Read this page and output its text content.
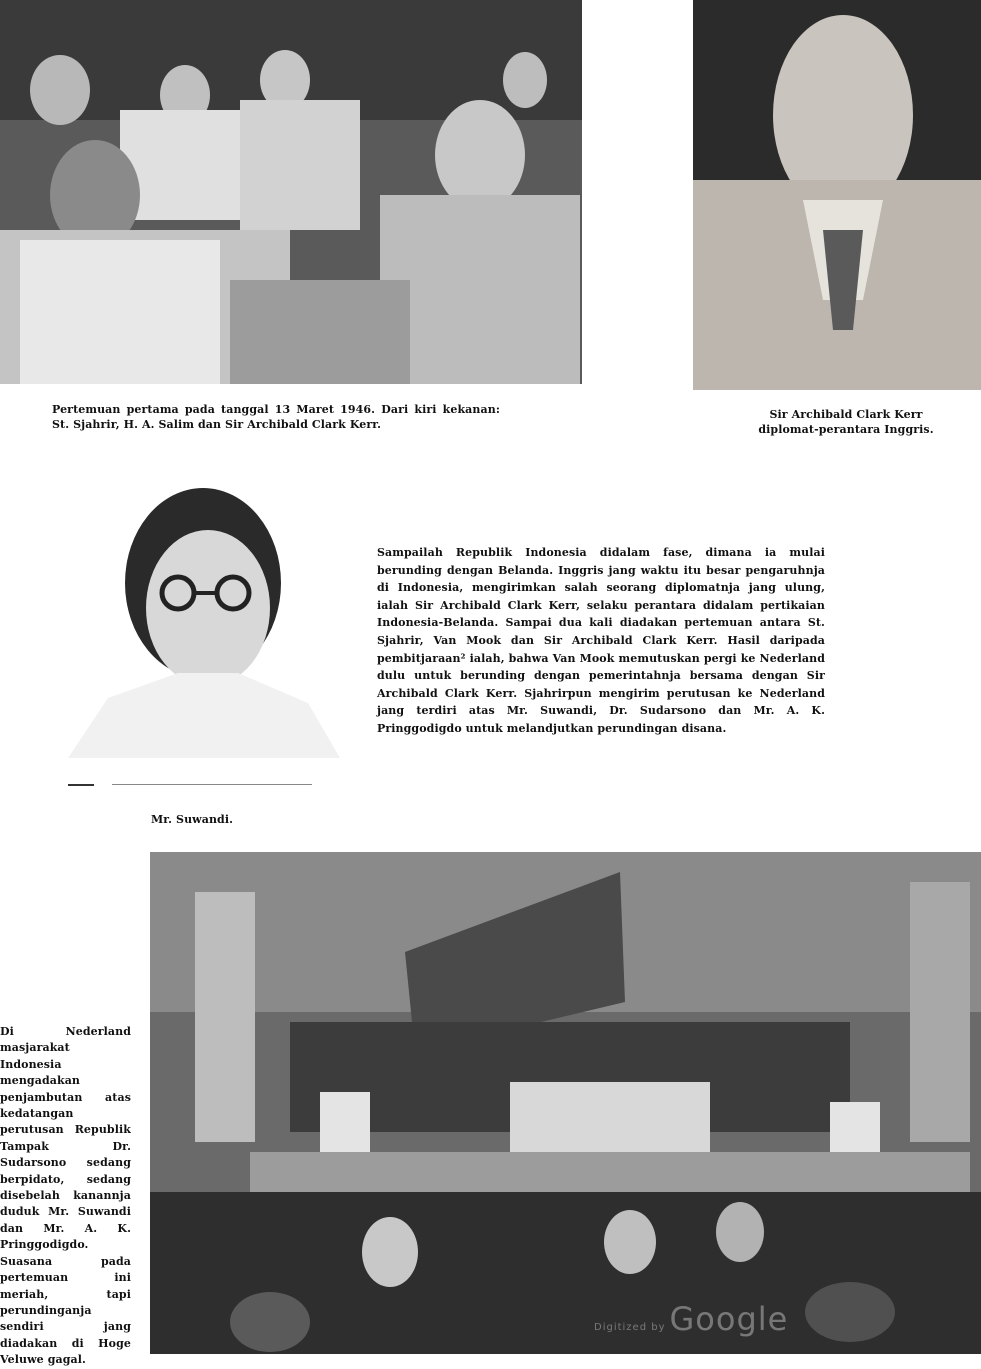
Pertemuan pertama pada tanggal 13 Maret 1946. Dari kiri kekanan: St. Sjahrir, H. A. Salim dan Sir Archibald Clark Kerr.
Sir Archibald Clark Kerr
diplomat-perantara Inggris.
Mr. Suwandi.
Sampailah Republik Indonesia didalam fase, dimana ia mulai berunding dengan Belanda. Inggris jang waktu itu besar pengaruhnja di Indonesia, mengirimkan salah seorang diplomatnja jang ulung, ialah Sir Archibald Clark Kerr, selaku perantara didalam pertikaian Indonesia-Belanda. Sampai dua kali diadakan pertemuan antara St. Sjahrir, Van Mook dan Sir Archibald Clark Kerr. Hasil daripada pembitjaraan² ialah, bahwa Van Mook memutuskan pergi ke Nederland dulu untuk berunding dengan pemerintahnja bersama dengan Sir Archibald Clark Kerr. Sjahrirpun mengirim perutusan ke Nederland jang terdiri atas Mr. Suwandi, Dr. Sudarsono dan Mr. A. K. Pringgodigdo untuk melandjutkan perundingan disana.
Di Nederland masjarakat Indonesia mengadakan penjambutan atas kedatangan perutusan Republik Tampak Dr. Sudarsono sedang berpidato, sedang disebelah kanannja duduk Mr. Suwandi dan Mr. A. K. Pringgodigdo. Suasana pada pertemuan ini meriah, tapi perundinganja sendiri jang diadakan di Hoge Veluwe gagal.
Digitized by Google
